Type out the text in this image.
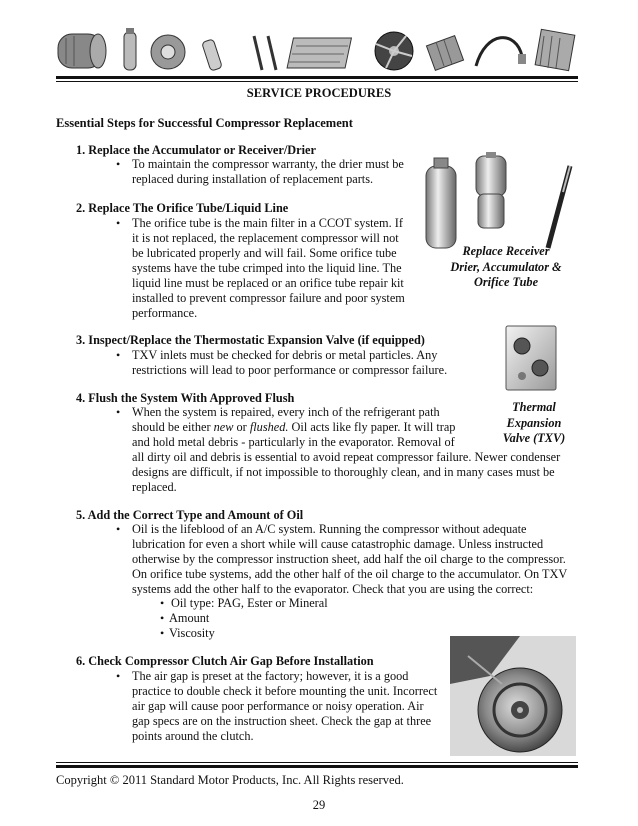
SERVICE PROCEDURES
Essential Steps for Successful Compressor Replacement
1. Replace the Accumulator or Receiver/Drier
• To maintain the compressor warranty, the drier must be
replaced during installation of replacement parts.
2. Replace The Orifice Tube/Liquid Line
• The orifice tube is the main filter in a CCOT system. If
it is not replaced, the replacement compressor will not
be lubricated properly and will fail. Some orifice tube
systems have the tube crimped into the liquid line. The
liquid line must be replaced or an orifice tube repair kit
installed to prevent compressor failure and poor system
performance.
Replace Receiver
Drier, Accumulator &
Orifice Tube
3. Inspect/Replace the Thermostatic Expansion Valve (if equipped)
• TXV inlets must be checked for debris or metal particles. Any
restrictions will lead to poor performance or compressor failure.
4. Flush the System With Approved Flush
• When the system is repaired, every inch of the refrigerant path
should be either new or flushed. Oil acts like fly paper. It will trap
and hold metal debris - particularly in the evaporator. Removal of
all dirty oil and debris is essential to avoid repeat compressor failure. Newer condenser
designs are difficult, if not impossible to thoroughly clean, and in many cases must be
replaced.
Thermal
Expansion
Valve (TXV)
5. Add the Correct Type and Amount of Oil
• Oil is the lifeblood of an A/C system. Running the compressor without adequate
lubrication for even a short while will cause catastrophic damage. Unless instructed
otherwise by the compressor instruction sheet, add half the oil charge to the compressor.
On orifice tube systems, add the other half of the oil charge to the accumulator. On TXV
systems add the other half to the evaporator. Check that you are using the correct:
• Oil type: PAG, Ester or Mineral
• Amount
• Viscosity
6. Check Compressor Clutch Air Gap Before Installation
• The air gap is preset at the factory; however, it is a good
practice to double check it before mounting the unit. Incorrect
air gap will cause poor performance or noisy operation. Air
gap specs are on the instruction sheet. Check the gap at three
points around the clutch.
Copyright © 2011 Standard Motor Products, Inc. All Rights reserved.
29
